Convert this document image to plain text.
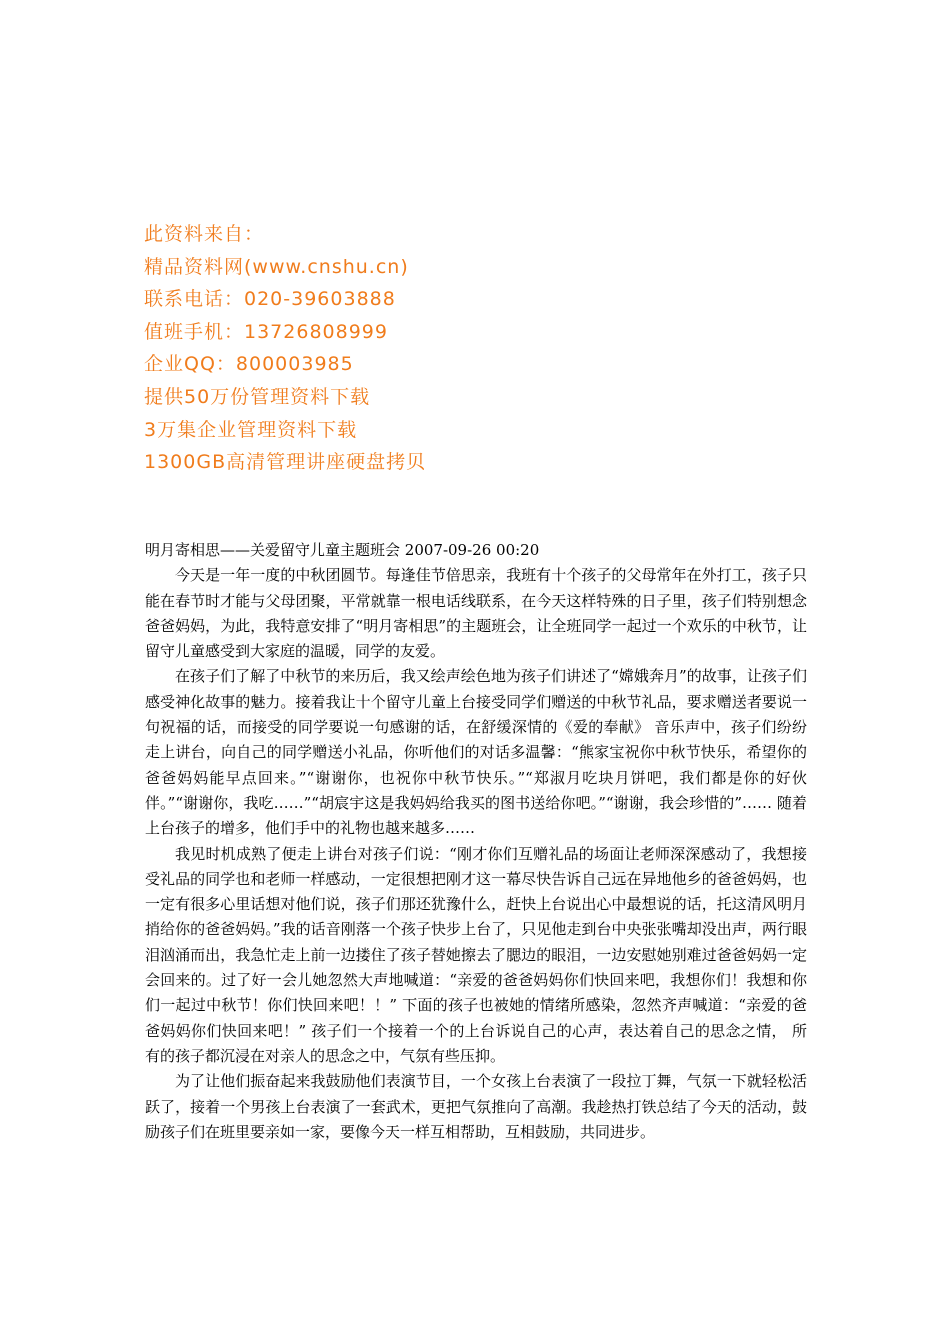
此资料来自：
精品资料网(www.cnshu.cn)
联系电话：020-39603888
值班手机：13726808999
企业QQ：800003985
提供50万份管理资料下载
3万集企业管理资料下载
1300GB高清管理讲座硬盘拷贝

明月寄相思——关爱留守儿童主题班会 2007-09-26 00:20

今天是一年一度的中秋团圆节。每逢佳节倍思亲，我班有十个孩子的父母常年在外打工，孩子只能在春节时才能与父母团聚，平常就靠一根电话线联系，在今天这样特殊的日子里，孩子们特别想念爸爸妈妈，为此，我特意安排了“明月寄相思”的主题班会，让全班同学一起过一个欢乐的中秋节，让留守儿童感受到大家庭的温暖，同学的友爱。

在孩子们了解了中秋节的来历后，我又绘声绘色地为孩子们讲述了“嫦娥奔月”的故事，让孩子们感受神化故事的魅力。接着我让十个留守儿童上台接受同学们赠送的中秋节礼品，要求赠送者要说一句祝福的话，而接受的同学要说一句感谢的话，在舒缓深情的《爱的奉献》 音乐声中，孩子们纷纷走上讲台，向自己的同学赠送小礼品，你听他们的对话多温馨：“熊家宝祝你中秋节快乐，希望你的爸爸妈妈能早点回来。”“谢谢你，也祝你中秋节快乐。”“郑淑月吃块月饼吧，我们都是你的好伙伴。”“谢谢你，我吃……”“胡宸宇这是我妈妈给我买的图书送给你吧。”“谢谢，我会珍惜的”…… 随着上台孩子的增多，他们手中的礼物也越来越多……

我见时机成熟了便走上讲台对孩子们说：“刚才你们互赠礼品的场面让老师深深感动了，我想接受礼品的同学也和老师一样感动，一定很想把刚才这一幕尽快告诉自己远在异地他乡的爸爸妈妈，也一定有很多心里话想对他们说，孩子们那还犹豫什么，赶快上台说出心中最想说的话，托这清风明月捎给你的爸爸妈妈。”我的话音刚落一个孩子快步上台了，只见他走到台中央张张嘴却没出声，两行眼泪汹涌而出，我急忙走上前一边搂住了孩子替她擦去了腮边的眼泪，一边安慰她别难过爸爸妈妈一定会回来的。过了好一会儿她忽然大声地喊道：“亲爱的爸爸妈妈你们快回来吧，我想你们！我想和你们一起过中秋节！你们快回来吧！！” 下面的孩子也被她的情绪所感染，忽然齐声喊道：“亲爱的爸爸妈妈你们快回来吧！” 孩子们一个接着一个的上台诉说自己的心声，表达着自己的思念之情， 所有的孩子都沉浸在对亲人的思念之中，气氛有些压抑。

为了让他们振奋起来我鼓励他们表演节目，一个女孩上台表演了一段拉丁舞，气氛一下就轻松活跃了，接着一个男孩上台表演了一套武术，更把气氛推向了高潮。我趁热打铁总结了今天的活动，鼓励孩子们在班里要亲如一家，要像今天一样互相帮助，互相鼓励，共同进步。
